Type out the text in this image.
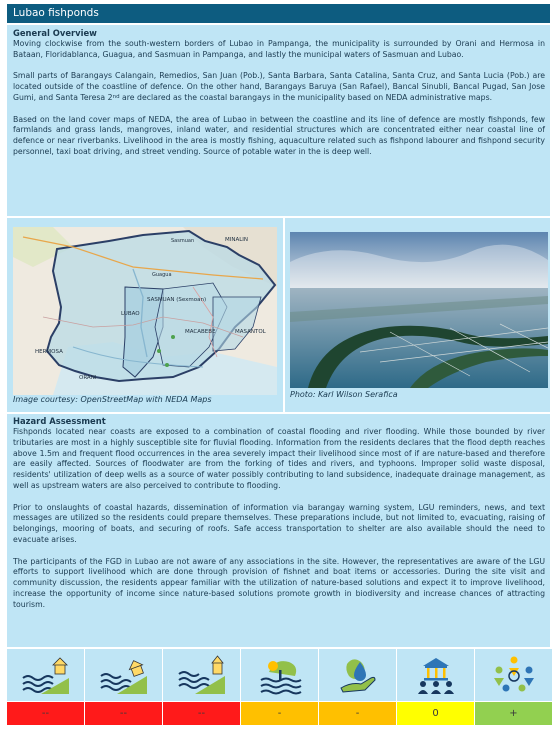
Lubao fishponds
General Overview

Moving clockwise from the south-western borders of Lubao in Pampanga, the municipality is surrounded by Orani and Hermosa in Bataan, Floridablanca, Guagua, and Sasmuan in Pampanga, and lastly the municipal waters of Sasmuan and Lubao.

Small parts of Barangays Calangain, Remedios, San Juan (Pob.), Santa Barbara, Santa Catalina, Santa Cruz, and Santa Lucia (Pob.) are located outside of the coastline of defence. On the other hand, Barangays Baruya (San Rafael), Bancal Sinubli, Bancal Pugad, San Jose Gumi, and Santa Teresa 2nd are declared as the coastal barangays in the municipality based on NEDA administrative maps.

Based on the land cover maps of NEDA, the area of Lubao in between the coastline and its line of defence are mostly fishponds, few farmlands and grass lands, mangroves, inland water, and residential structures which are concentrated either near coastal line of defence or near riverbanks. Livelihood in the area is mostly fishing, aquaculture related such as fishpond labourer and fishpond security personnel, taxi boat driving, and street vending. Source of potable water in the is deep well.

Guagua
Sasmuan	MINALIN
SASMUAN (Sexmoan)
LUBAO
MACABEBE	MASANTOL
HERMOSA
ORANI
Image courtesy: OpenStreetMap with NEDA Maps
Photo: Karl Wilson Serafica
Hazard Assessment

Fishponds located near coasts are exposed to a combination of coastal flooding and river flooding. While those bounded by river tributaries are most in a highly susceptible site for fluvial flooding. Information from the residents declares that the flood depth reaches above 1.5m and frequent flood occurrences in the area severely impact their livelihood since most of if are nature-based and therefore are easily affected. Sources of floodwater are from the forking of tides and rivers, and typhoons. Improper solid waste disposal, residents' utilization of deep wells as a source of water possibly contributing to land subsidence, inadequate drainage management, as well as upstream waters are also perceived to contribute to flooding.

Prior to onslaughts of coastal hazards, dissemination of information via barangay warning system, LGU reminders, news, and text messages are utilized so the residents could prepare themselves. These preparations include, but not limited to, evacuating, raising of belongings, mooring of boats, and securing of roofs. Safe access transportation to shelter are also available should the need to evacuate arises.

The participants of the FGD in Lubao are not aware of any associations in the site. However, the representatives are aware of the LGU efforts to support livelihood which are done through provision of fishnet and boat items or accessories. During the site visit and community discussion, the residents appear familiar with the utilization of nature-based solutions and expect it to improve livelihood, increase the opportunity of income since nature-based solutions promote growth in biodiversity and increase chances of attracting tourism.

--	--	--	-	-	0	+
